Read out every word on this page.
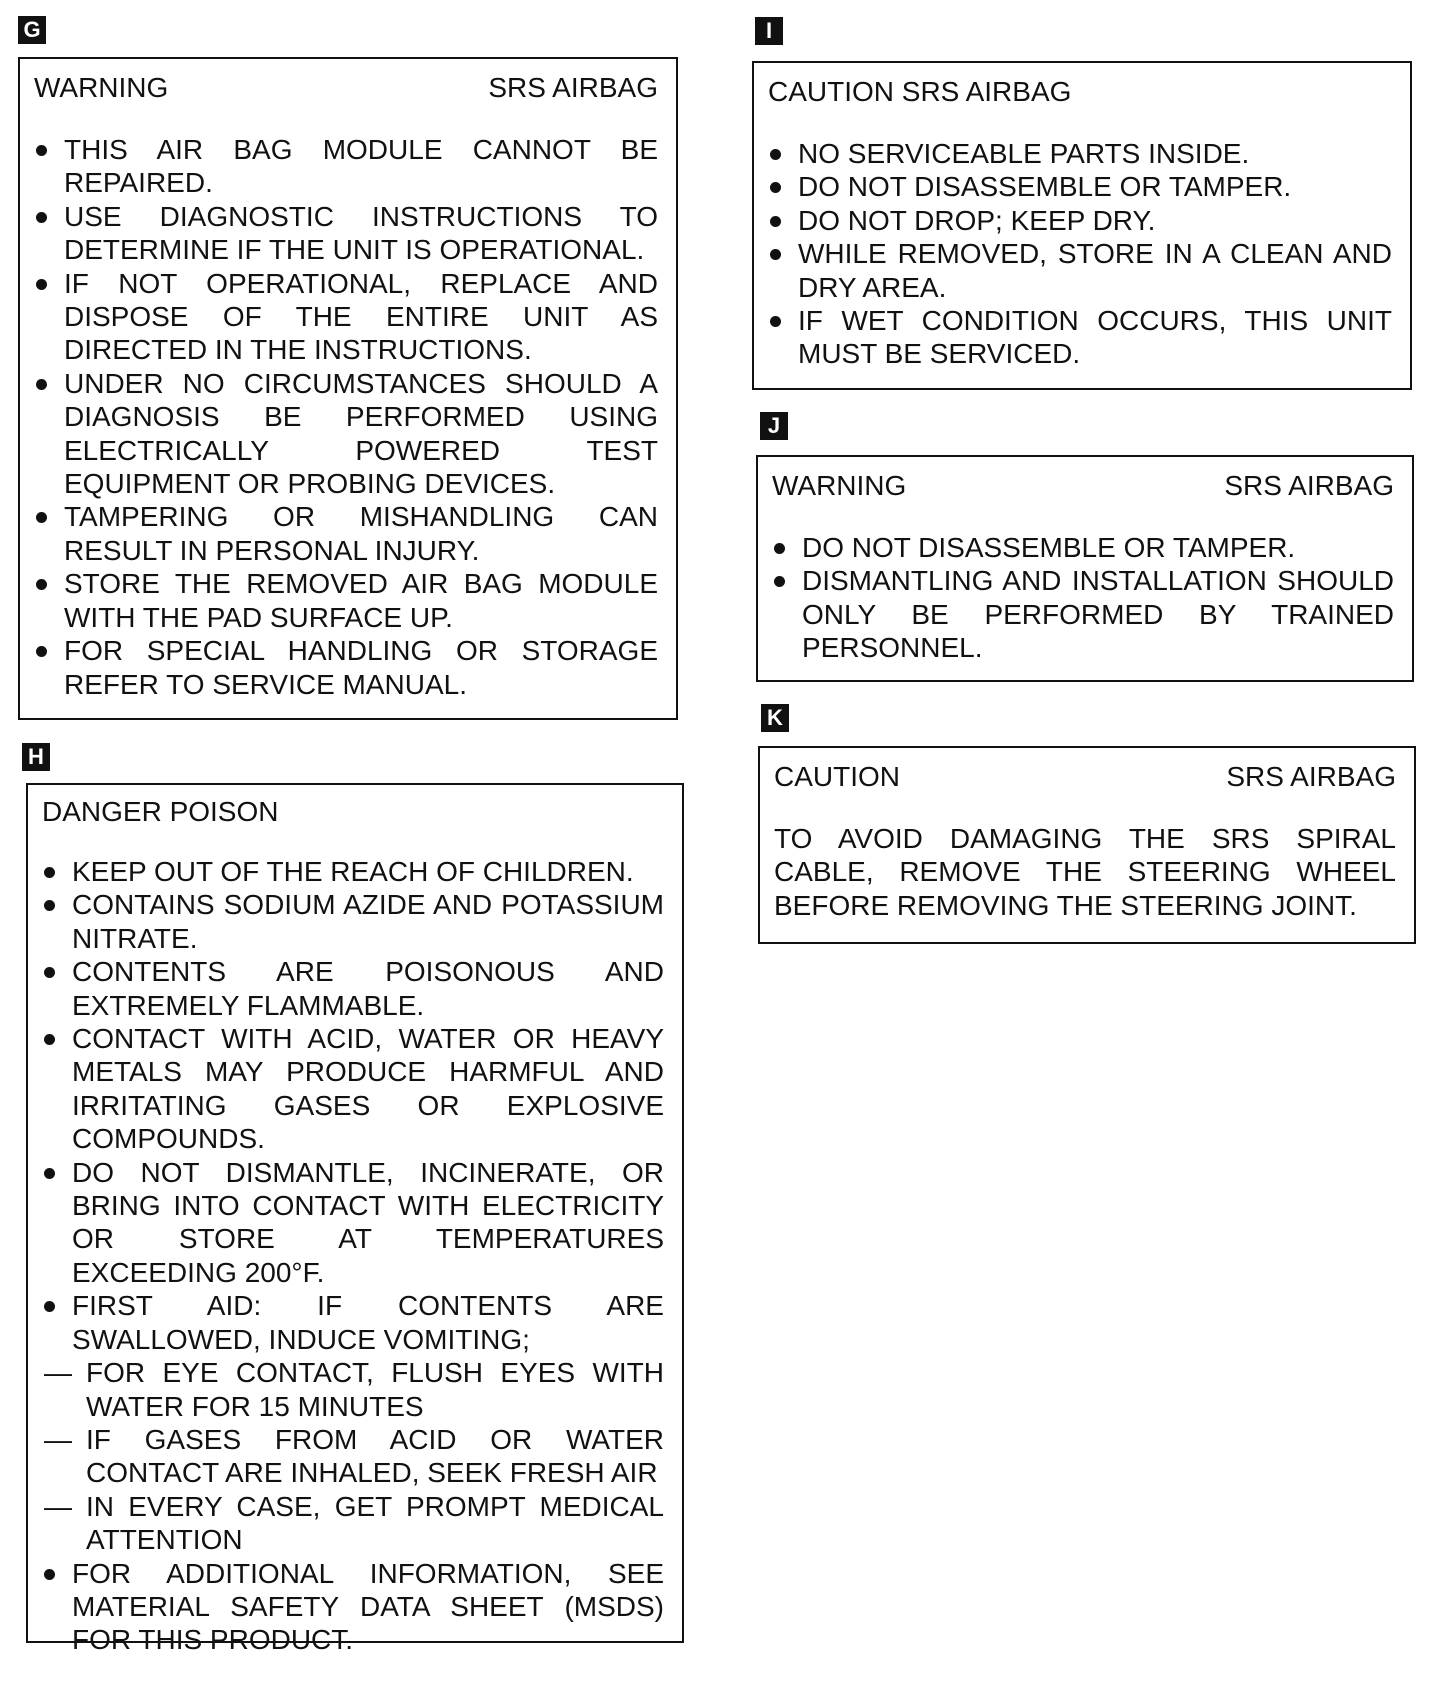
G
WARNING	SRS AIRBAG
THIS AIR BAG MODULE CANNOT BE REPAIRED.
USE DIAGNOSTIC INSTRUCTIONS TO DETERMINE IF THE UNIT IS OPERATIONAL.
IF NOT OPERATIONAL, REPLACE AND DISPOSE OF THE ENTIRE UNIT AS DIRECTED IN THE INSTRUCTIONS.
UNDER NO CIRCUMSTANCES SHOULD A DIAGNOSIS BE PERFORMED USING ELECTRICALLY POWERED TEST EQUIPMENT OR PROBING DEVICES.
TAMPERING OR MISHANDLING CAN RESULT IN PERSONAL INJURY.
STORE THE REMOVED AIR BAG MODULE WITH THE PAD SURFACE UP.
FOR SPECIAL HANDLING OR STORAGE REFER TO SERVICE MANUAL.
H
DANGER POISON
KEEP OUT OF THE REACH OF CHILDREN.
CONTAINS SODIUM AZIDE AND POTASSIUM NITRATE.
CONTENTS ARE POISONOUS AND EXTREMELY FLAMMABLE.
CONTACT WITH ACID, WATER OR HEAVY METALS MAY PRODUCE HARMFUL AND IRRITATING GASES OR EXPLOSIVE COMPOUNDS.
DO NOT DISMANTLE, INCINERATE, OR BRING INTO CONTACT WITH ELECTRICITY OR STORE AT TEMPERATURES EXCEEDING 200°F.
FIRST AID: IF CONTENTS ARE SWALLOWED, INDUCE VOMITING;
— FOR EYE CONTACT, FLUSH EYES WITH WATER FOR 15 MINUTES
— IF GASES FROM ACID OR WATER CONTACT ARE INHALED, SEEK FRESH AIR
— IN EVERY CASE, GET PROMPT MEDICAL ATTENTION
FOR ADDITIONAL INFORMATION, SEE MATERIAL SAFETY DATA SHEET (MSDS) FOR THIS PRODUCT.
I
CAUTION SRS AIRBAG
NO SERVICEABLE PARTS INSIDE.
DO NOT DISASSEMBLE OR TAMPER.
DO NOT DROP; KEEP DRY.
WHILE REMOVED, STORE IN A CLEAN AND DRY AREA.
IF WET CONDITION OCCURS, THIS UNIT MUST BE SERVICED.
J
WARNING	SRS AIRBAG
DO NOT DISASSEMBLE OR TAMPER.
DISMANTLING AND INSTALLATION SHOULD ONLY BE PERFORMED BY TRAINED PERSONNEL.
K
CAUTION	SRS AIRBAG
TO AVOID DAMAGING THE SRS SPIRAL CABLE, REMOVE THE STEERING WHEEL BEFORE REMOVING THE STEERING JOINT.
